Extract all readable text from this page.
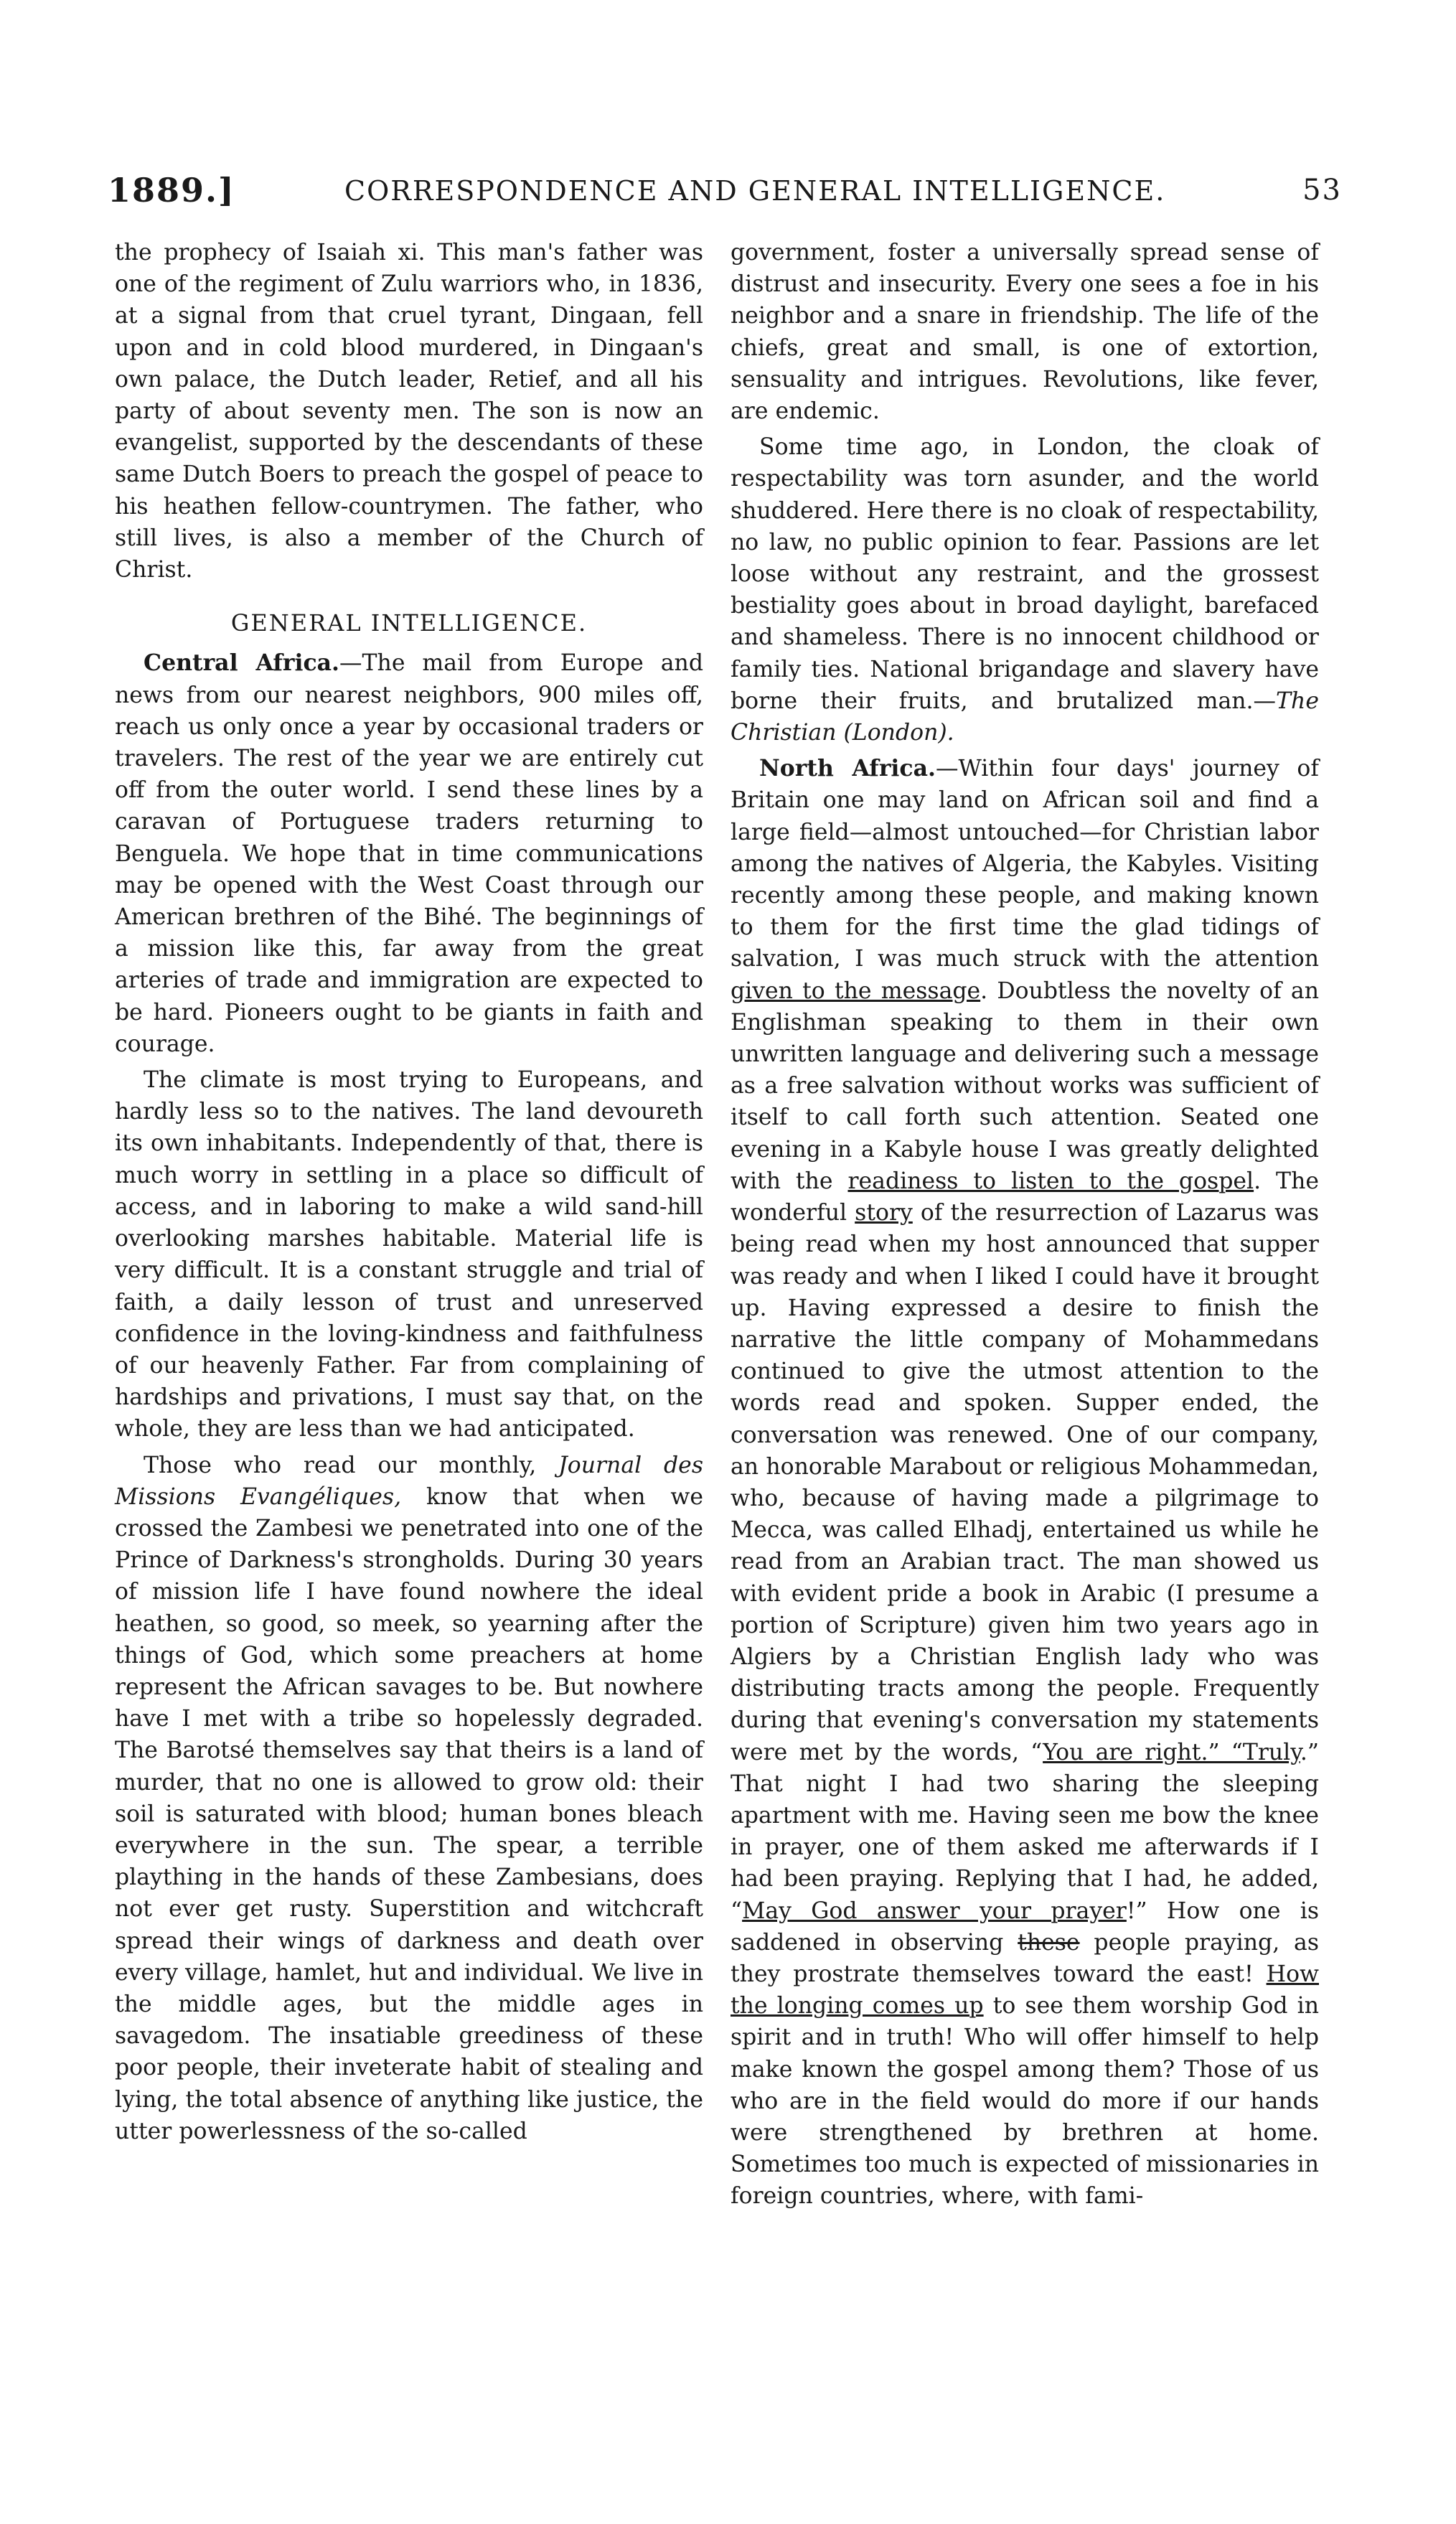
1889.]	CORRESPONDENCE AND GENERAL INTELLIGENCE.	53

the prophecy of Isaiah xi. This man's father was one of the regiment of Zulu warriors who, in 1836, at a signal from that cruel tyrant, Dingaan, fell upon and in cold blood murdered, in Dingaan's own palace, the Dutch leader, Retief, and all his party of about seventy men. The son is now an evangelist, supported by the descendants of these same Dutch Boers to preach the gospel of peace to his heathen fellow-countrymen. The father, who still lives, is also a member of the Church of Christ.

GENERAL INTELLIGENCE.

Central Africa.—The mail from Europe and news from our nearest neighbors, 900 miles off, reach us only once a year by occasional traders or travelers. The rest of the year we are entirely cut off from the outer world. I send these lines by a caravan of Portuguese traders returning to Benguela. We hope that in time communications may be opened with the West Coast through our American brethren of the Bihé. The beginnings of a mission like this, far away from the great arteries of trade and immigration are expected to be hard. Pioneers ought to be giants in faith and courage.

The climate is most trying to Europeans, and hardly less so to the natives. The land devoureth its own inhabitants. Independently of that, there is much worry in settling in a place so difficult of access, and in laboring to make a wild sand-hill overlooking marshes habitable. Material life is very difficult. It is a constant struggle and trial of faith, a daily lesson of trust and unreserved confidence in the loving-kindness and faithfulness of our heavenly Father. Far from complaining of hardships and privations, I must say that, on the whole, they are less than we had anticipated.

Those who read our monthly, Journal des Missions Evangéliques, know that when we crossed the Zambesi we penetrated into one of the Prince of Darkness's strongholds. During 30 years of mission life I have found nowhere the ideal heathen, so good, so meek, so yearning after the things of God, which some preachers at home represent the African savages to be. But nowhere have I met with a tribe so hopelessly degraded. The Barotsé themselves say that theirs is a land of murder, that no one is allowed to grow old: their soil is saturated with blood; human bones bleach everywhere in the sun. The spear, a terrible plaything in the hands of these Zambesians, does not ever get rusty. Superstition and witchcraft spread their wings of darkness and death over every village, hamlet, hut and individual. We live in the middle ages, but the middle ages in savagedom. The insatiable greediness of these poor people, their inveterate habit of stealing and lying, the total absence of anything like justice, the utter powerlessness of the so-called

government, foster a universally spread sense of distrust and insecurity. Every one sees a foe in his neighbor and a snare in friendship. The life of the chiefs, great and small, is one of extortion, sensuality and intrigues. Revolutions, like fever, are endemic.

Some time ago, in London, the cloak of respectability was torn asunder, and the world shuddered. Here there is no cloak of respectability, no law, no public opinion to fear. Passions are let loose without any restraint, and the grossest bestiality goes about in broad daylight, barefaced and shameless. There is no innocent childhood or family ties. National brigandage and slavery have borne their fruits, and brutalized man.—The Christian (London).

North Africa.—Within four days' journey of Britain one may land on African soil and find a large field—almost untouched—for Christian labor among the natives of Algeria, the Kabyles. Visiting recently among these people, and making known to them for the first time the glad tidings of salvation, I was much struck with the attention given to the message. Doubtless the novelty of an Englishman speaking to them in their own unwritten language and delivering such a message as a free salvation without works was sufficient of itself to call forth such attention. Seated one evening in a Kabyle house I was greatly delighted with the readiness to listen to the gospel. The wonderful story of the resurrection of Lazarus was being read when my host announced that supper was ready and when I liked I could have it brought up. Having expressed a desire to finish the narrative the little company of Mohammedans continued to give the utmost attention to the words read and spoken. Supper ended, the conversation was renewed. One of our company, an honorable Marabout or religious Mohammedan, who, because of having made a pilgrimage to Mecca, was called Elhadj, entertained us while he read from an Arabian tract. The man showed us with evident pride a book in Arabic (I presume a portion of Scripture) given him two years ago in Algiers by a Christian English lady who was distributing tracts among the people. Frequently during that evening's conversation my statements were met by the words, “You are right.” “Truly.” That night I had two sharing the sleeping apartment with me. Having seen me bow the knee in prayer, one of them asked me afterwards if I had been praying. Replying that I had, he added, “May God answer your prayer!” How one is saddened in observing these people praying, as they prostrate themselves toward the east! How the longing comes up to see them worship God in spirit and in truth! Who will offer himself to help make known the gospel among them? Those of us who are in the field would do more if our hands were strengthened by brethren at home. Sometimes too much is expected of missionaries in foreign countries, where, with fami-
